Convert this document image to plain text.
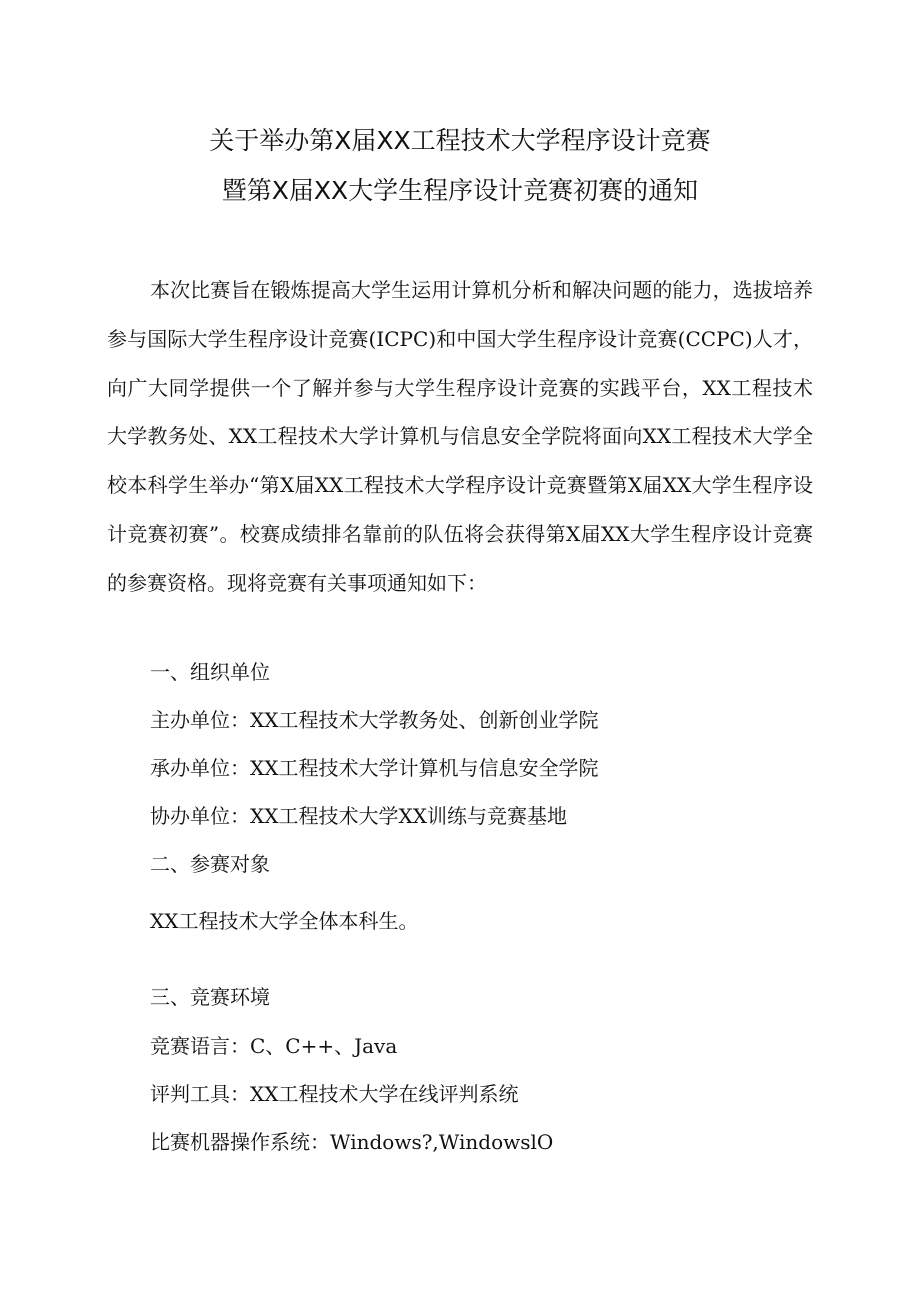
关于举办第X届XX工程技术大学程序设计竞赛
暨第X届XX大学生程序设计竞赛初赛的通知

本次比赛旨在锻炼提高大学生运用计算机分析和解决问题的能力，选拔培养参与国际大学生程序设计竞赛(ICPC)和中国大学生程序设计竞赛(CCPC)人才，向广大同学提供一个了解并参与大学生程序设计竞赛的实践平台，XX工程技术大学教务处、XX工程技术大学计算机与信息安全学院将面向XX工程技术大学全校本科学生举办“第X届XX工程技术大学程序设计竞赛暨第X届XX大学生程序设计竞赛初赛”。校赛成绩排名靠前的队伍将会获得第X届XX大学生程序设计竞赛的参赛资格。现将竞赛有关事项通知如下：

一、组织单位
主办单位：XX工程技术大学教务处、创新创业学院
承办单位：XX工程技术大学计算机与信息安全学院
协办单位：XX工程技术大学XX训练与竞赛基地
二、参赛对象
XX工程技术大学全体本科生。
三、竞赛环境
竞赛语言：C、C++、Java
评判工具：XX工程技术大学在线评判系统
比赛机器操作系统：Windows?,WindowslO
